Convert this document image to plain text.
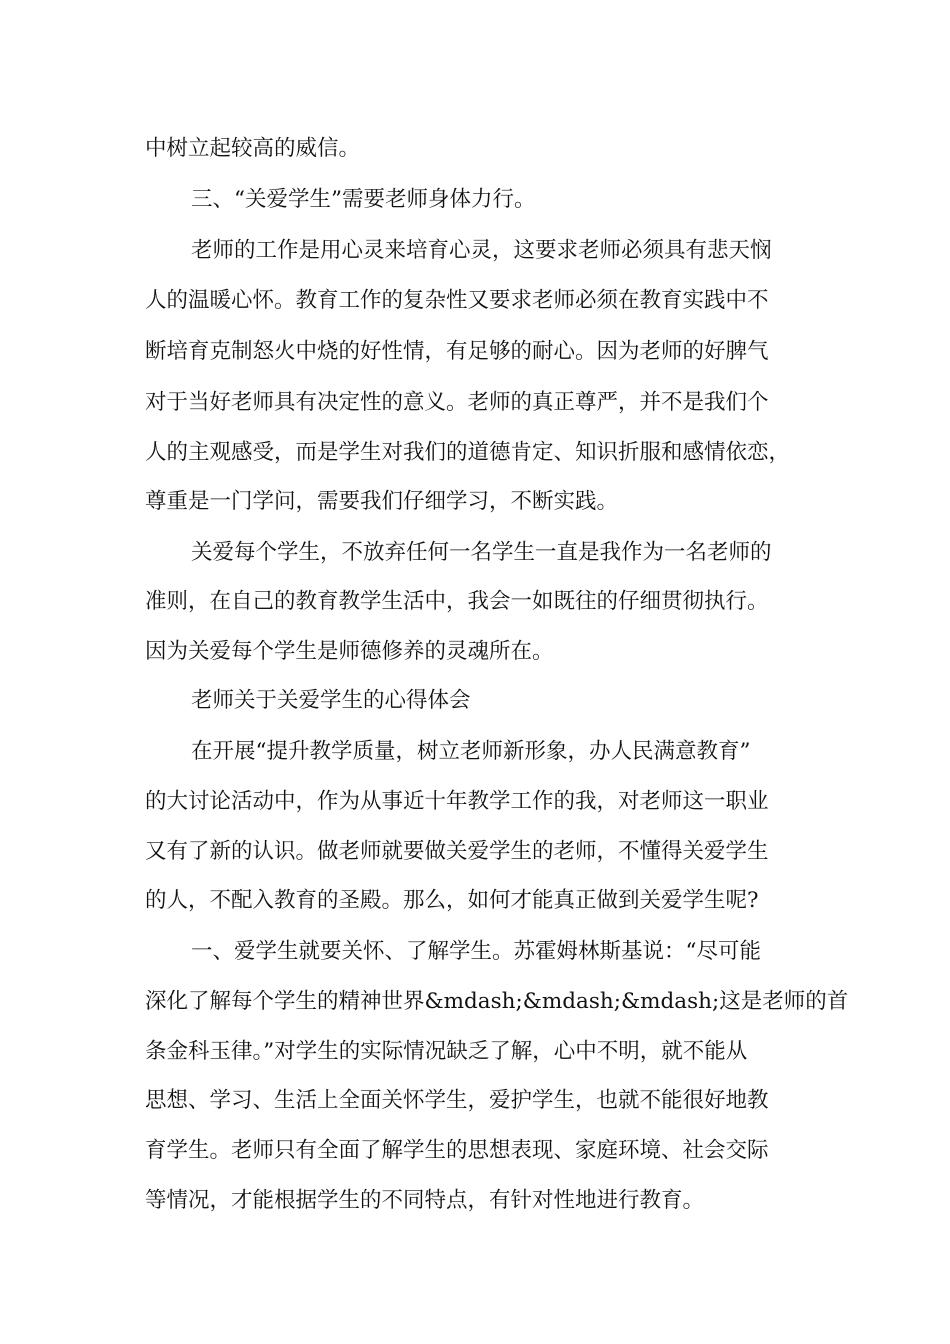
中树立起较高的威信。

三、“关爱学生”需要老师身体力行。

老师的工作是用心灵来培育心灵，这要求老师必须具有悲天悯

人的温暖心怀。教育工作的复杂性又要求老师必须在教育实践中不

断培育克制怒火中烧的好性情，有足够的耐心。因为老师的好脾气

对于当好老师具有决定性的意义。老师的真正尊严，并不是我们个

人的主观感受，而是学生对我们的道德肯定、知识折服和感情依恋，

尊重是一门学问，需要我们仔细学习，不断实践。

关爱每个学生，不放弃任何一名学生一直是我作为一名老师的

准则，在自己的教育教学生活中，我会一如既往的仔细贯彻执行。

因为关爱每个学生是师德修养的灵魂所在。

老师关于关爱学生的心得体会

在开展“提升教学质量，树立老师新形象，办人民满意教育”

的大讨论活动中，作为从事近十年教学工作的我，对老师这一职业

又有了新的认识。做老师就要做关爱学生的老师，不懂得关爱学生

的人，不配入教育的圣殿。那么，如何才能真正做到关爱学生呢?

一、爱学生就要关怀、了解学生。苏霍姆林斯基说：“尽可能

深化了解每个学生的精神世界&mdash;&mdash;&mdash;这是老师的首

条金科玉律。”对学生的实际情况缺乏了解，心中不明，就不能从

思想、学习、生活上全面关怀学生，爱护学生，也就不能很好地教

育学生。老师只有全面了解学生的思想表现、家庭环境、社会交际

等情况，才能根据学生的不同特点，有针对性地进行教育。
